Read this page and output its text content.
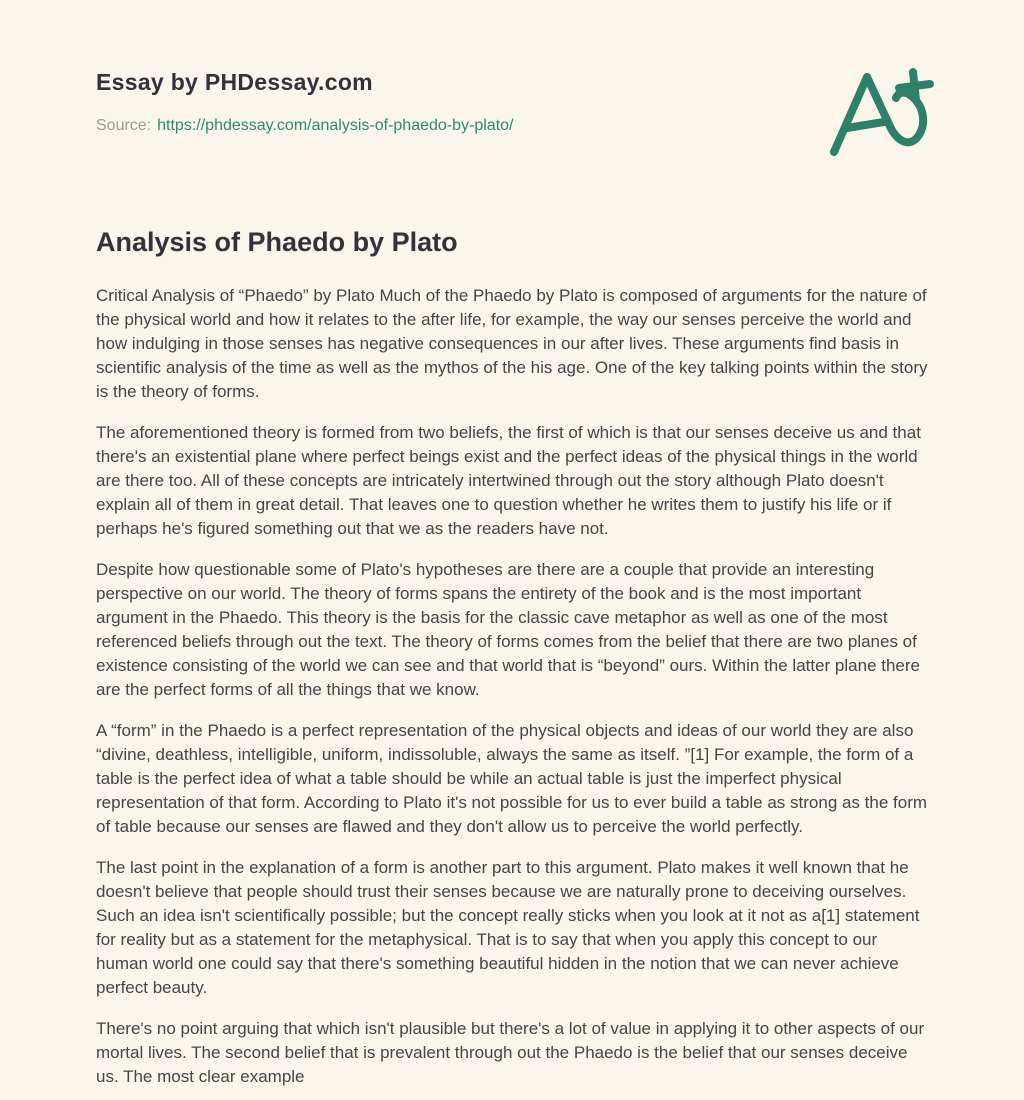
Essay by PHDessay.com

Source: https://phdessay.com/analysis-of-phaedo-by-plato/

Analysis of Phaedo by Plato

Critical Analysis of “Phaedo” by Plato Much of the Phaedo by Plato is composed of arguments for the nature of the physical world and how it relates to the after life, for example, the way our senses perceive the world and how indulging in those senses has negative consequences in our after lives. These arguments find basis in scientific analysis of the time as well as the mythos of the his age. One of the key talking points within the story is the theory of forms.

The aforementioned theory is formed from two beliefs, the first of which is that our senses deceive us and that there's an existential plane where perfect beings exist and the perfect ideas of the physical things in the world are there too. All of these concepts are intricately intertwined through out the story although Plato doesn't explain all of them in great detail. That leaves one to question whether he writes them to justify his life or if perhaps he's figured something out that we as the readers have not.

Despite how questionable some of Plato's hypotheses are there are a couple that provide an interesting perspective on our world. The theory of forms spans the entirety of the book and is the most important argument in the Phaedo. This theory is the basis for the classic cave metaphor as well as one of the most referenced beliefs through out the text. The theory of forms comes from the belief that there are two planes of existence consisting of the world we can see and that world that is “beyond” ours. Within the latter plane there are the perfect forms of all the things that we know.

A “form” in the Phaedo is a perfect representation of the physical objects and ideas of our world they are also “divine, deathless, intelligible, uniform, indissoluble, always the same as itself. ”[1] For example, the form of a table is the perfect idea of what a table should be while an actual table is just the imperfect physical representation of that form. According to Plato it's not possible for us to ever build a table as strong as the form of table because our senses are flawed and they don't allow us to perceive the world perfectly.

The last point in the explanation of a form is another part to this argument. Plato makes it well known that he doesn't believe that people should trust their senses because we are naturally prone to deceiving ourselves. Such an idea isn't scientifically possible; but the concept really sticks when you look at it not as a[1] statement for reality but as a statement for the metaphysical. That is to say that when you apply this concept to our human world one could say that there's something beautiful hidden in the notion that we can never achieve perfect beauty.

There's no point arguing that which isn't plausible but there's a lot of value in applying it to other aspects of our mortal lives. The second belief that is prevalent through out the Phaedo is the belief that our senses deceive us. The most clear example
